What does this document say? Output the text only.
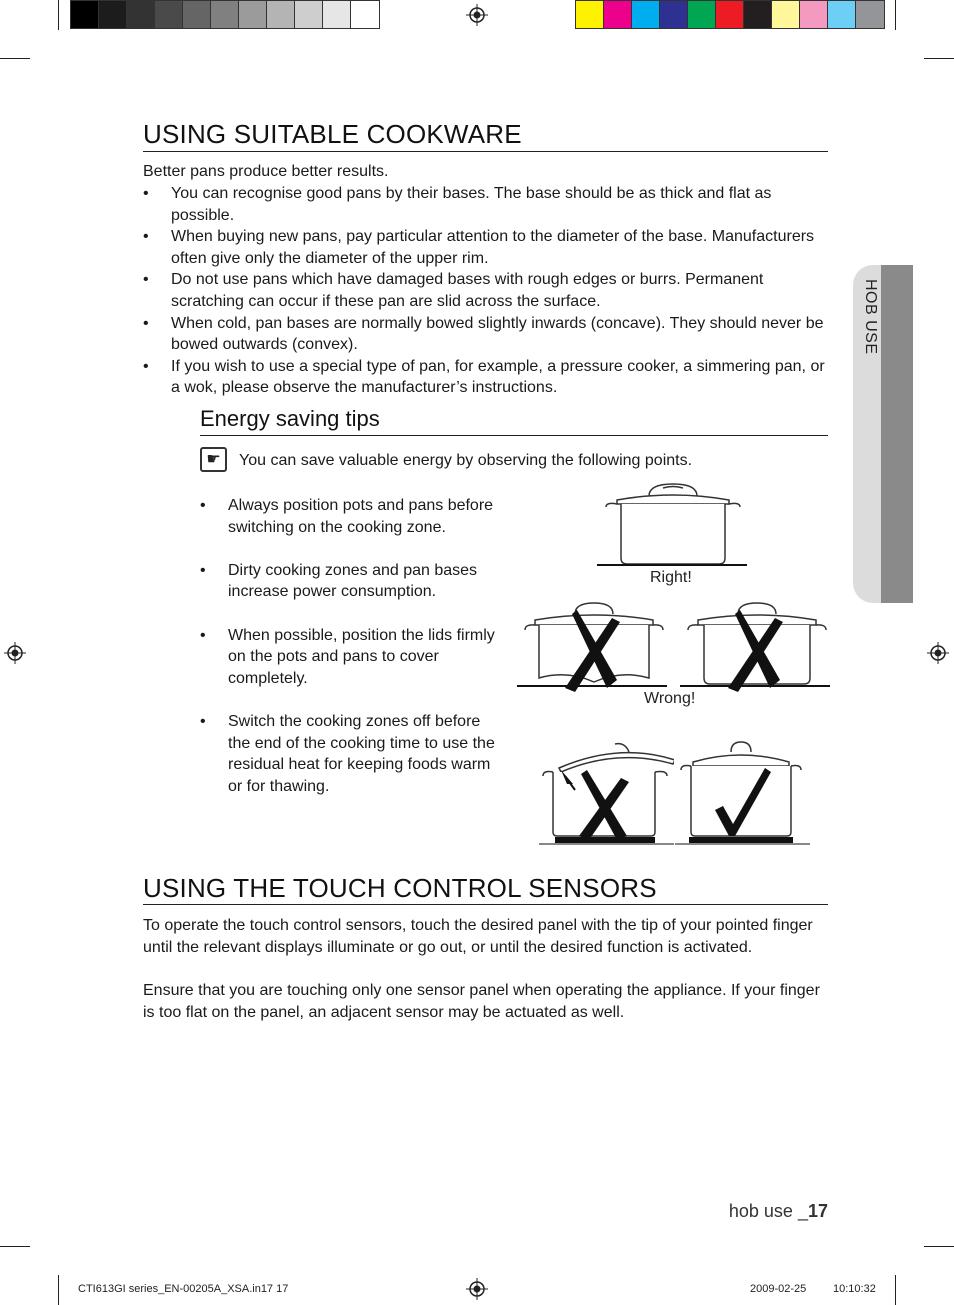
HOB USE
USING SUITABLE COOKWARE

Better pans produce better results.

• You can recognise good pans by their bases. The base should be as thick and flat as possible.
• When buying new pans, pay particular attention to the diameter of the base. Manufacturers often give only the diameter of the upper rim.
• Do not use pans which have damaged bases with rough edges or burrs. Permanent scratching can occur if these pan are slid across the surface.
• When cold, pan bases are normally bowed slightly inwards (concave). They should never be bowed outwards (convex).
• If you wish to use a special type of pan, for example, a pressure cooker, a simmering pan, or a wok, please observe the manufacturer’s instructions.
Energy saving tips
☛	You can save valuable energy by observing the following points.

• Always position pots and pans before switching on the cooking zone.
• Dirty cooking zones and pan bases increase power consumption.
• When possible, position the lids firmly on the pots and pans to cover completely.
• Switch the cooking zones off before the end of the cooking time to use the residual heat for keeping foods warm or for thawing.
Right!
Wrong!
USING THE TOUCH CONTROL SENSORS

To operate the touch control sensors, touch the desired panel with the tip of your pointed finger until the relevant displays illuminate or go out, or until the desired function is activated.

Ensure that you are touching only one sensor panel when operating the appliance. If your finger is too flat on the panel, an adjacent sensor may be actuated as well.

hob use _17
CTI613GI series_EN-00205A_XSA.in17 17	2009-02-25 10:10:32
